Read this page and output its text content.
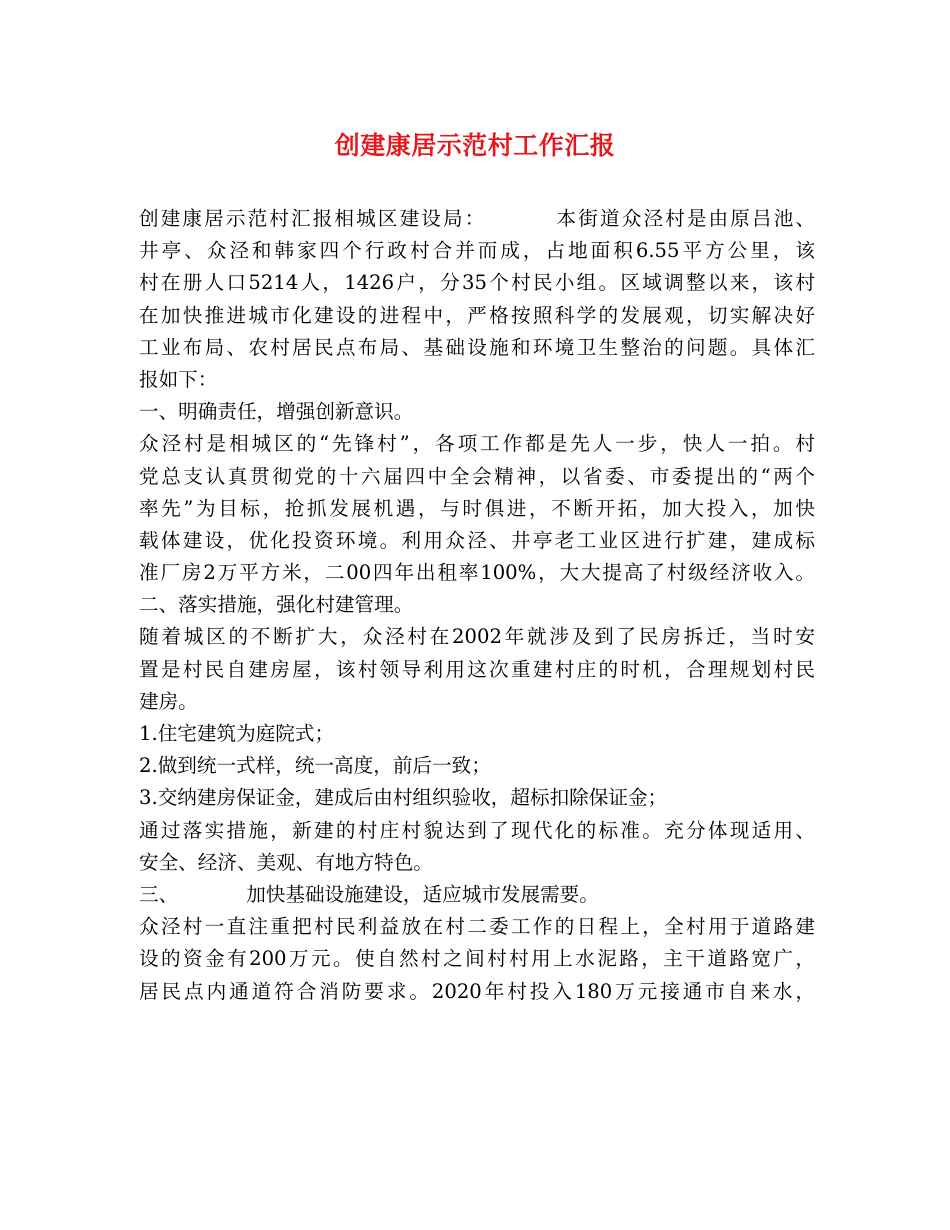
创建康居示范村工作汇报
创建康居示范村汇报相城区建设局：	本街道众泾村是由原吕池、
井亭、众泾和韩家四个行政村合并而成，占地面积6.55平方公里，该
村在册人口5214人，1426户，分35个村民小组。区域调整以来，该村
在加快推进城市化建设的进程中，严格按照科学的发展观，切实解决好
工业布局、农村居民点布局、基础设施和环境卫生整治的问题。具体汇
报如下：
一、明确责任，增强创新意识。
众泾村是相城区的“先锋村”，各项工作都是先人一步，快人一拍。村
党总支认真贯彻党的十六届四中全会精神，以省委、市委提出的“两个
率先”为目标，抢抓发展机遇，与时俱进，不断开拓，加大投入，加快
载体建设，优化投资环境。利用众泾、井亭老工业区进行扩建，建成标
准厂房2万平方米，二00四年出租率100%，大大提高了村级经济收入。
二、落实措施，强化村建管理。
随着城区的不断扩大，众泾村在2002年就涉及到了民房拆迁，当时安
置是村民自建房屋，该村领导利用这次重建村庄的时机，合理规划村民
建房。
1.住宅建筑为庭院式；
2.做到统一式样，统一高度，前后一致；
3.交纳建房保证金，建成后由村组织验收，超标扣除保证金；
通过落实措施，新建的村庄村貌达到了现代化的标准。充分体现适用、
安全、经济、美观、有地方特色。
三、	加快基础设施建设，适应城市发展需要。
众泾村一直注重把村民利益放在村二委工作的日程上，全村用于道路建
设的资金有200万元。使自然村之间村村用上水泥路，主干道路宽广，
居民点内通道符合消防要求。2020年村投入180万元接通市自来水，
